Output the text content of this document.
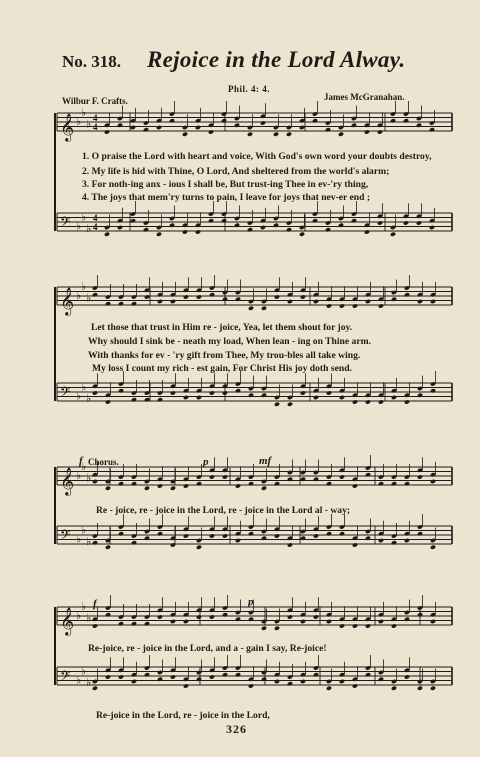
No. 318. Rejoice in the Lord Alway.
Phil. 4: 4.
Wilbur F. Crafts.	James McGranahan.
𝄞 ♭
♭
♭ 4
4
𝄢 ♭
♭
♭
4
4
𝄞 ♭
♭
♭
𝄢 ♭
♭
♭
𝄞 ♭
♭
♭
𝄢 ♭
♭
♭
𝄞 ♭
♭
♭
𝄢 ♭
♭
♭
1. O praise the Lord with heart and voice, With God's own word your doubts destroy,
2. My life is hid with Thine, O Lord, And sheltered from the world's alarm;
3. For noth-ing anx - ious I shall be, But trust-ing Thee in ev-'ry thing,
4. The joys that mem'ry turns to pain, I leave for joys that nev-er end ;
Let those that trust in Him re - joice, Yea, let them shout for joy.
Why should I sink be - neath my load, When lean - ing on Thine arm.
With thanks for ev - 'ry gift from Thee, My trou-bles all take wing.
My loss I count my rich - est gain, For Christ His joy doth send.
f Chorus.	p	mf
Re - joice, re - joice in the Lord, re - joice in the Lord al - way;
f	p
Re-joice, re - joice in the Lord, and a - gain I say, Re-joice!
Re-joice in the Lord, re - joice in the Lord,
326
